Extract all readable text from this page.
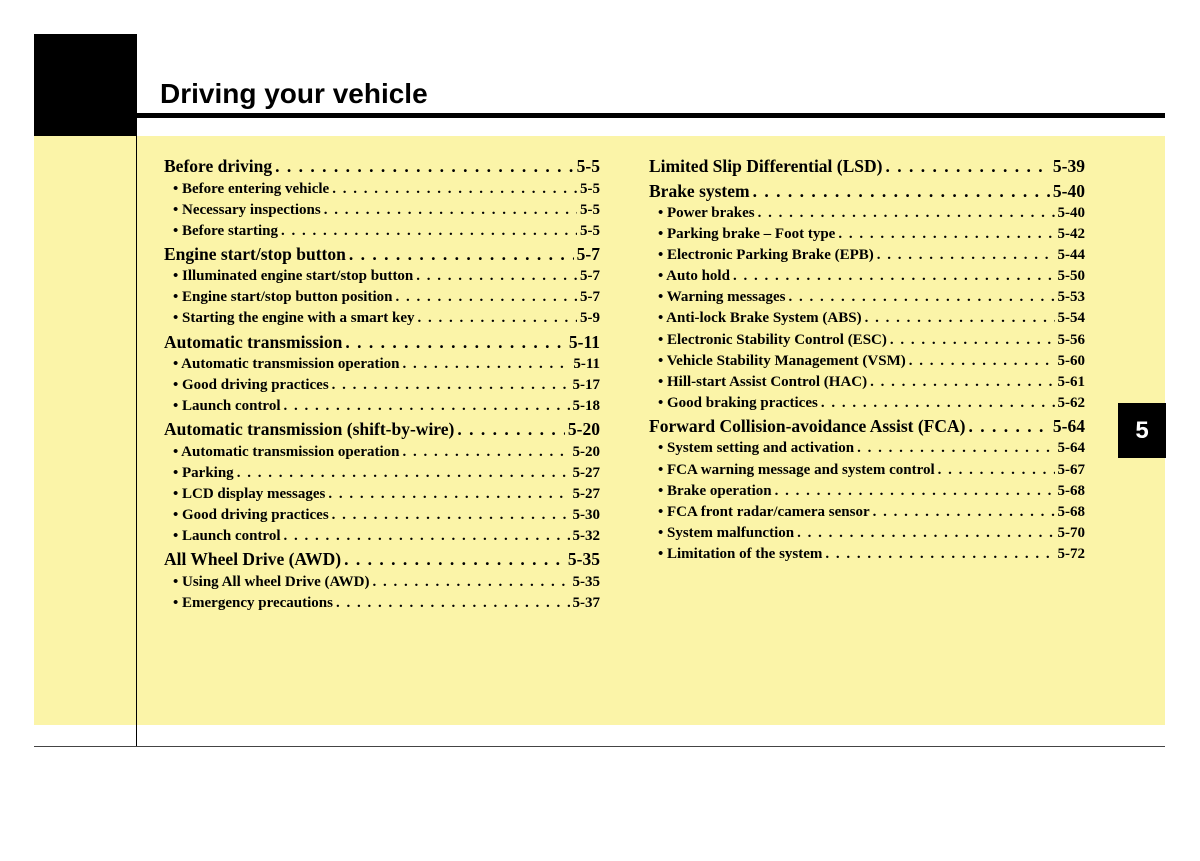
Driving your vehicle
5
Before driving . . .	5-5
• Before entering vehicle . . .	5-5
• Necessary inspections . . .	5-5
• Before starting . . .	5-5
Engine start/stop button . . .	5-7
• Illuminated engine start/stop button . . .	5-7
• Engine start/stop button position . . .	5-7
• Starting the engine with a smart key . . .	5-9
Automatic transmission . . .	5-11
• Automatic transmission operation . . .	5-11
• Good driving practices . . .	5-17
• Launch control . . .	5-18
Automatic transmission (shift-by-wire) . . .	5-20
• Automatic transmission operation . . .	5-20
• Parking . . .	5-27
• LCD display messages . . .	5-27
• Good driving practices . . .	5-30
• Launch control . . .	5-32
All Wheel Drive (AWD) . . .	5-35
• Using All wheel Drive (AWD) . . .	5-35
• Emergency precautions . . .	5-37
Limited Slip Differential (LSD) . . .	5-39
Brake system . . .	5-40
• Power brakes . . .	5-40
• Parking brake – Foot type . . .	5-42
• Electronic Parking Brake (EPB) . . .	5-44
• Auto hold . . .	5-50
• Warning messages . . .	5-53
• Anti-lock Brake System (ABS) . . .	5-54
• Electronic Stability Control (ESC) . . .	5-56
• Vehicle Stability Management (VSM) . . .	5-60
• Hill-start Assist Control (HAC) . . .	5-61
• Good braking practices . . .	5-62
Forward Collision-avoidance Assist (FCA) . . .	5-64
• System setting and activation . . .	5-64
• FCA warning message and system control . . .	5-67
• Brake operation . . .	5-68
• FCA front radar/camera sensor . . .	5-68
• System malfunction . . .	5-70
• Limitation of the system . . .	5-72
